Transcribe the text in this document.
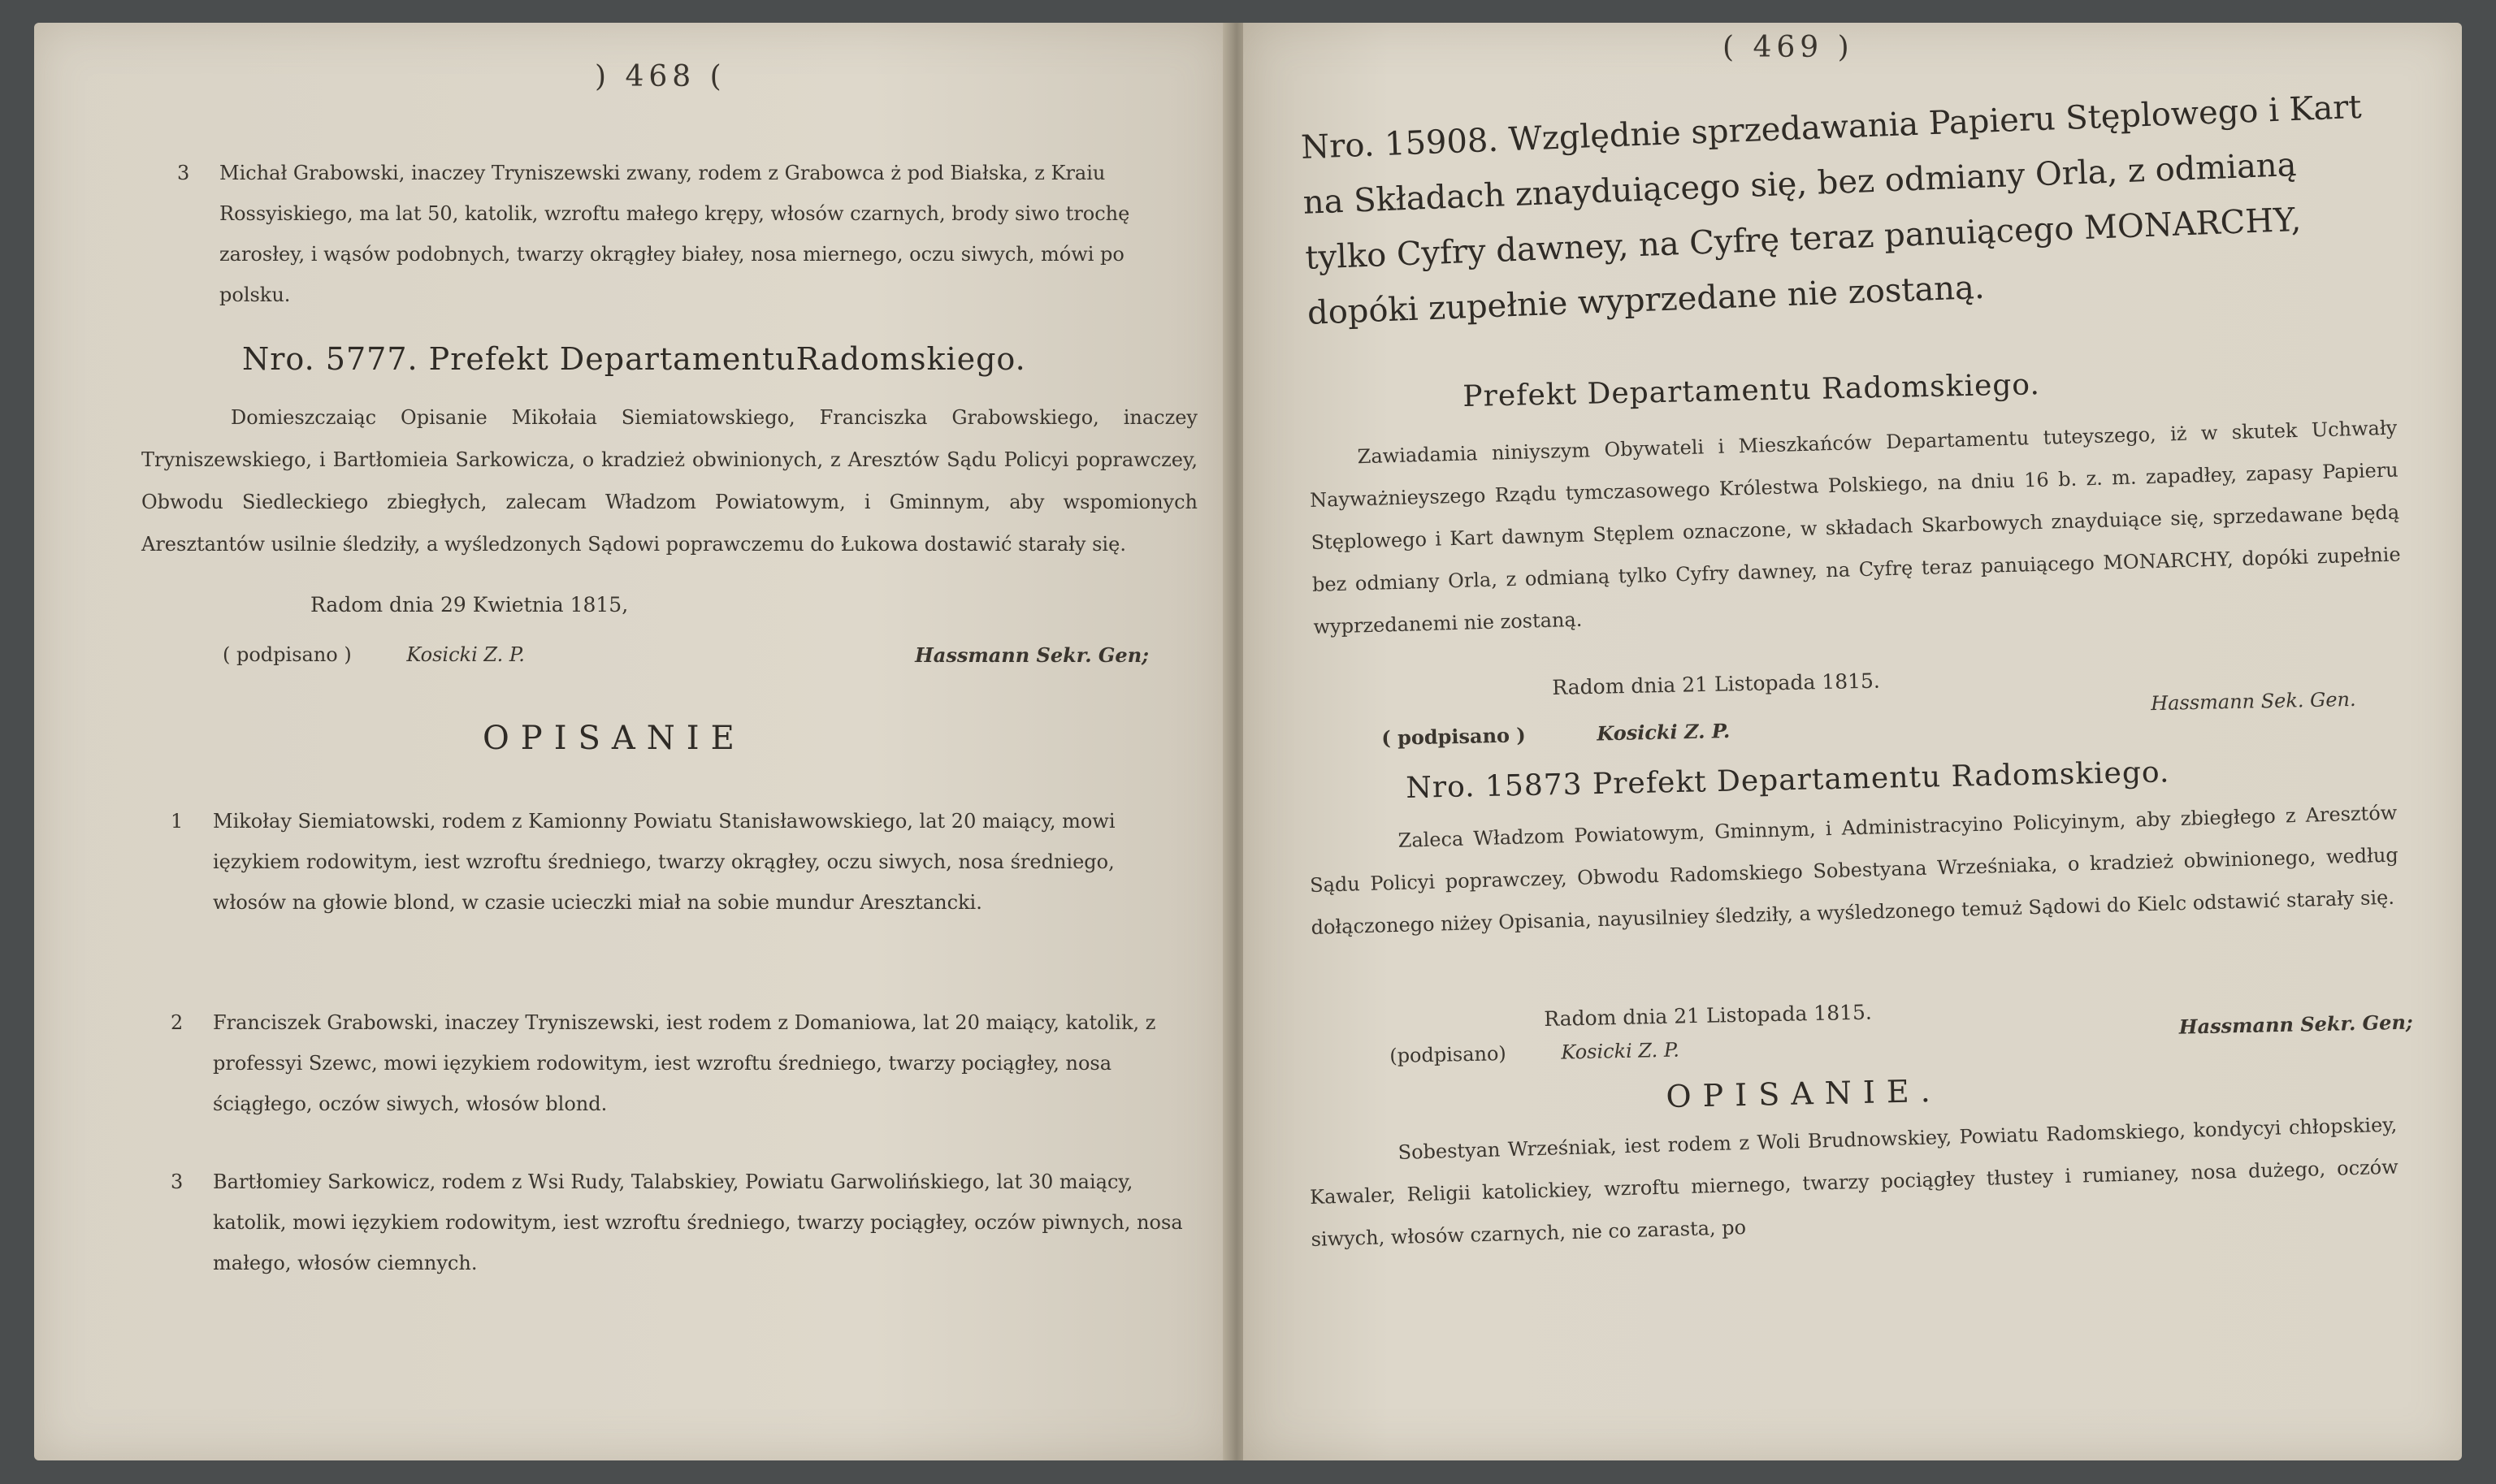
) 468 (
3 Michał Grabowski, inaczey Tryniszewski zwany, rodem z Grabowca ż pod Białska, z Kraiu Rossyiskiego, ma lat 50, katolik, wzroftu małego krępy, włosów czarnych, brody siwo trochę zarosłey, i wąsów podobnych, twarzy okrągłey białey, nosa miernego, oczu siwych, mówi po polsku.
Nro. 5777. Prefekt DepartamentuRadomskiego.
Domieszczaiąc Opisanie Mikołaia Siemiatowskiego, Franciszka Grabowskiego, inaczey Tryniszewskiego, i Bartłomieia Sarkowicza, o kradzież obwinionych, z Aresztów Sądu Policyi poprawczey, Obwodu Siedleckiego zbiegłych, zalecam Władzom Powiatowym, i Gminnym, aby wspomionych Aresztantów usilnie śledziły, a wyśledzonych Sądowi poprawczemu do Łukowa dostawić starały się.
Radom dnia 29 Kwietnia 1815,
( podpisano )	Kosicki Z. P.	Hassmann Sekr. Gen;
OPISANIE
1 Mikołay Siemiatowski, rodem z Kamionny Powiatu Stanisławowskiego, lat 20 maiący, mowi ięzykiem rodowitym, iest wzroftu średniego, twarzy okrągłey, oczu siwych, nosa średniego, włosów na głowie blond, w czasie ucieczki miał na sobie mundur Aresztancki.
2 Franciszek Grabowski, inaczey Tryniszewski, iest rodem z Domaniowa, lat 20 maiący, katolik, z professyi Szewc, mowi ięzykiem rodowitym, iest wzroftu średniego, twarzy pociągłey, nosa ściągłego, oczów siwych, włosów blond.
3 Bartłomiey Sarkowicz, rodem z Wsi Rudy, Talabskiey, Powiatu Garwolińskiego, lat 30 maiący, katolik, mowi ięzykiem rodowitym, iest wzroftu średniego, twarzy pociągłey, oczów piwnych, nosa małego, włosów ciemnych.
( 469 )
Nro. 15908. Względnie sprzedawania Papieru Stęplowego i Kart na Składach znayduiącego się, bez odmiany Orla, z odmianą tylko Cyfry dawney, na Cyfrę teraz panuiącego MONARCHY, dopóki zupełnie wyprzedane nie zostaną.
Prefekt Departamentu Radomskiego.
Zawiadamia niniyszym Obywateli i Mieszkańców Departamentu tuteyszego, iż w skutek Uchwały Nayważnieyszego Rządu tymczasowego Królestwa Polskiego, na dniu 16 b. z. m. zapadłey, zapasy Papieru Stęplowego i Kart dawnym Stęplem oznaczone, w składach Skarbowych znayduiące się, sprzedawane będą bez odmiany Orla, z odmianą tylko Cyfry dawney, na Cyfrę teraz panuiącego MONARCHY, dopóki zupełnie wyprzedanemi nie zostaną.
Radom dnia 21 Listopada 1815.
( podpisano )	Kosicki Z. P.
Hassmann Sek. Gen.
Nro. 15873 Prefekt Departamentu Radomskiego.
Zaleca Władzom Powiatowym, Gminnym, i Administracyino Policyinym, aby zbiegłego z Aresztów Sądu Policyi poprawczey, Obwodu Radomskiego Sobestyana Wrześniaka, o kradzież obwinionego, według dołączonego niżey Opisania, nayusilniey śledziły, a wyśledzonego temuż Sądowi do Kielc odstawić starały się.
Radom dnia 21 Listopada 1815.
(podpisano)	Kosicki Z. P.
Hassmann Sekr. Gen;
OPISANIE.
Sobestyan Wrześniak, iest rodem z Woli Brudnowskiey, Powiatu Radomskiego, kondycyi chłopskiey, Kawaler, Religii katolickiey, wzroftu miernego, twarzy pociągłey tłustey i rumianey, nosa dużego, oczów siwych, włosów czarnych, nie co zarasta, po
